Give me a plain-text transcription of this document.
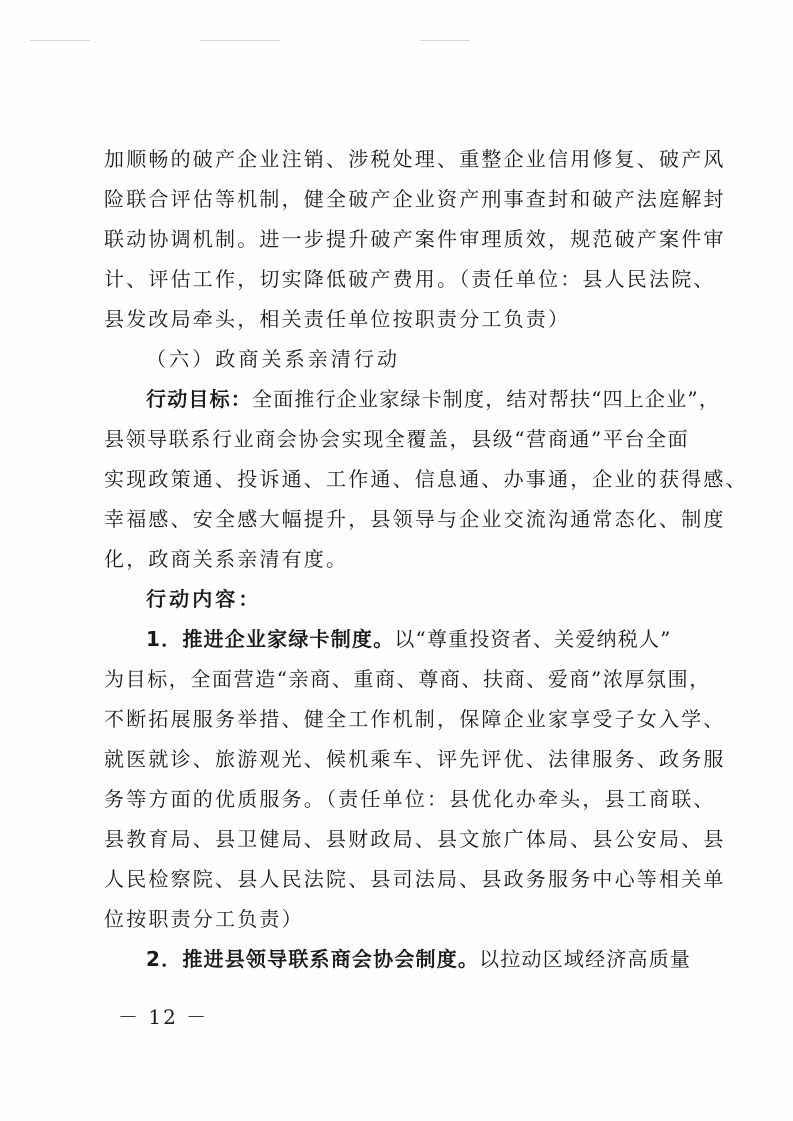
加顺畅的破产企业注销、涉税处理、重整企业信用修复、破产风
险联合评估等机制，健全破产企业资产刑事查封和破产法庭解封
联动协调机制。进一步提升破产案件审理质效，规范破产案件审
计、评估工作，切实降低破产费用。（责任单位：县人民法院、
县发改局牵头，相关责任单位按职责分工负责）
（六）政商关系亲清行动
行动目标：全面推行企业家绿卡制度，结对帮扶“四上企业”，
县领导联系行业商会协会实现全覆盖，县级“营商通”平台全面
实现政策通、投诉通、工作通、信息通、办事通，企业的获得感、
幸福感、安全感大幅提升，县领导与企业交流沟通常态化、制度
化，政商关系亲清有度。
行动内容：
1．推进企业家绿卡制度。以“尊重投资者、关爱纳税人”
为目标，全面营造“亲商、重商、尊商、扶商、爱商”浓厚氛围，
不断拓展服务举措、健全工作机制，保障企业家享受子女入学、
就医就诊、旅游观光、候机乘车、评先评优、法律服务、政务服
务等方面的优质服务。（责任单位：县优化办牵头，县工商联、
县教育局、县卫健局、县财政局、县文旅广体局、县公安局、县
人民检察院、县人民法院、县司法局、县政务服务中心等相关单
位按职责分工负责）
2．推进县领导联系商会协会制度。以拉动区域经济高质量
－ 12 －
